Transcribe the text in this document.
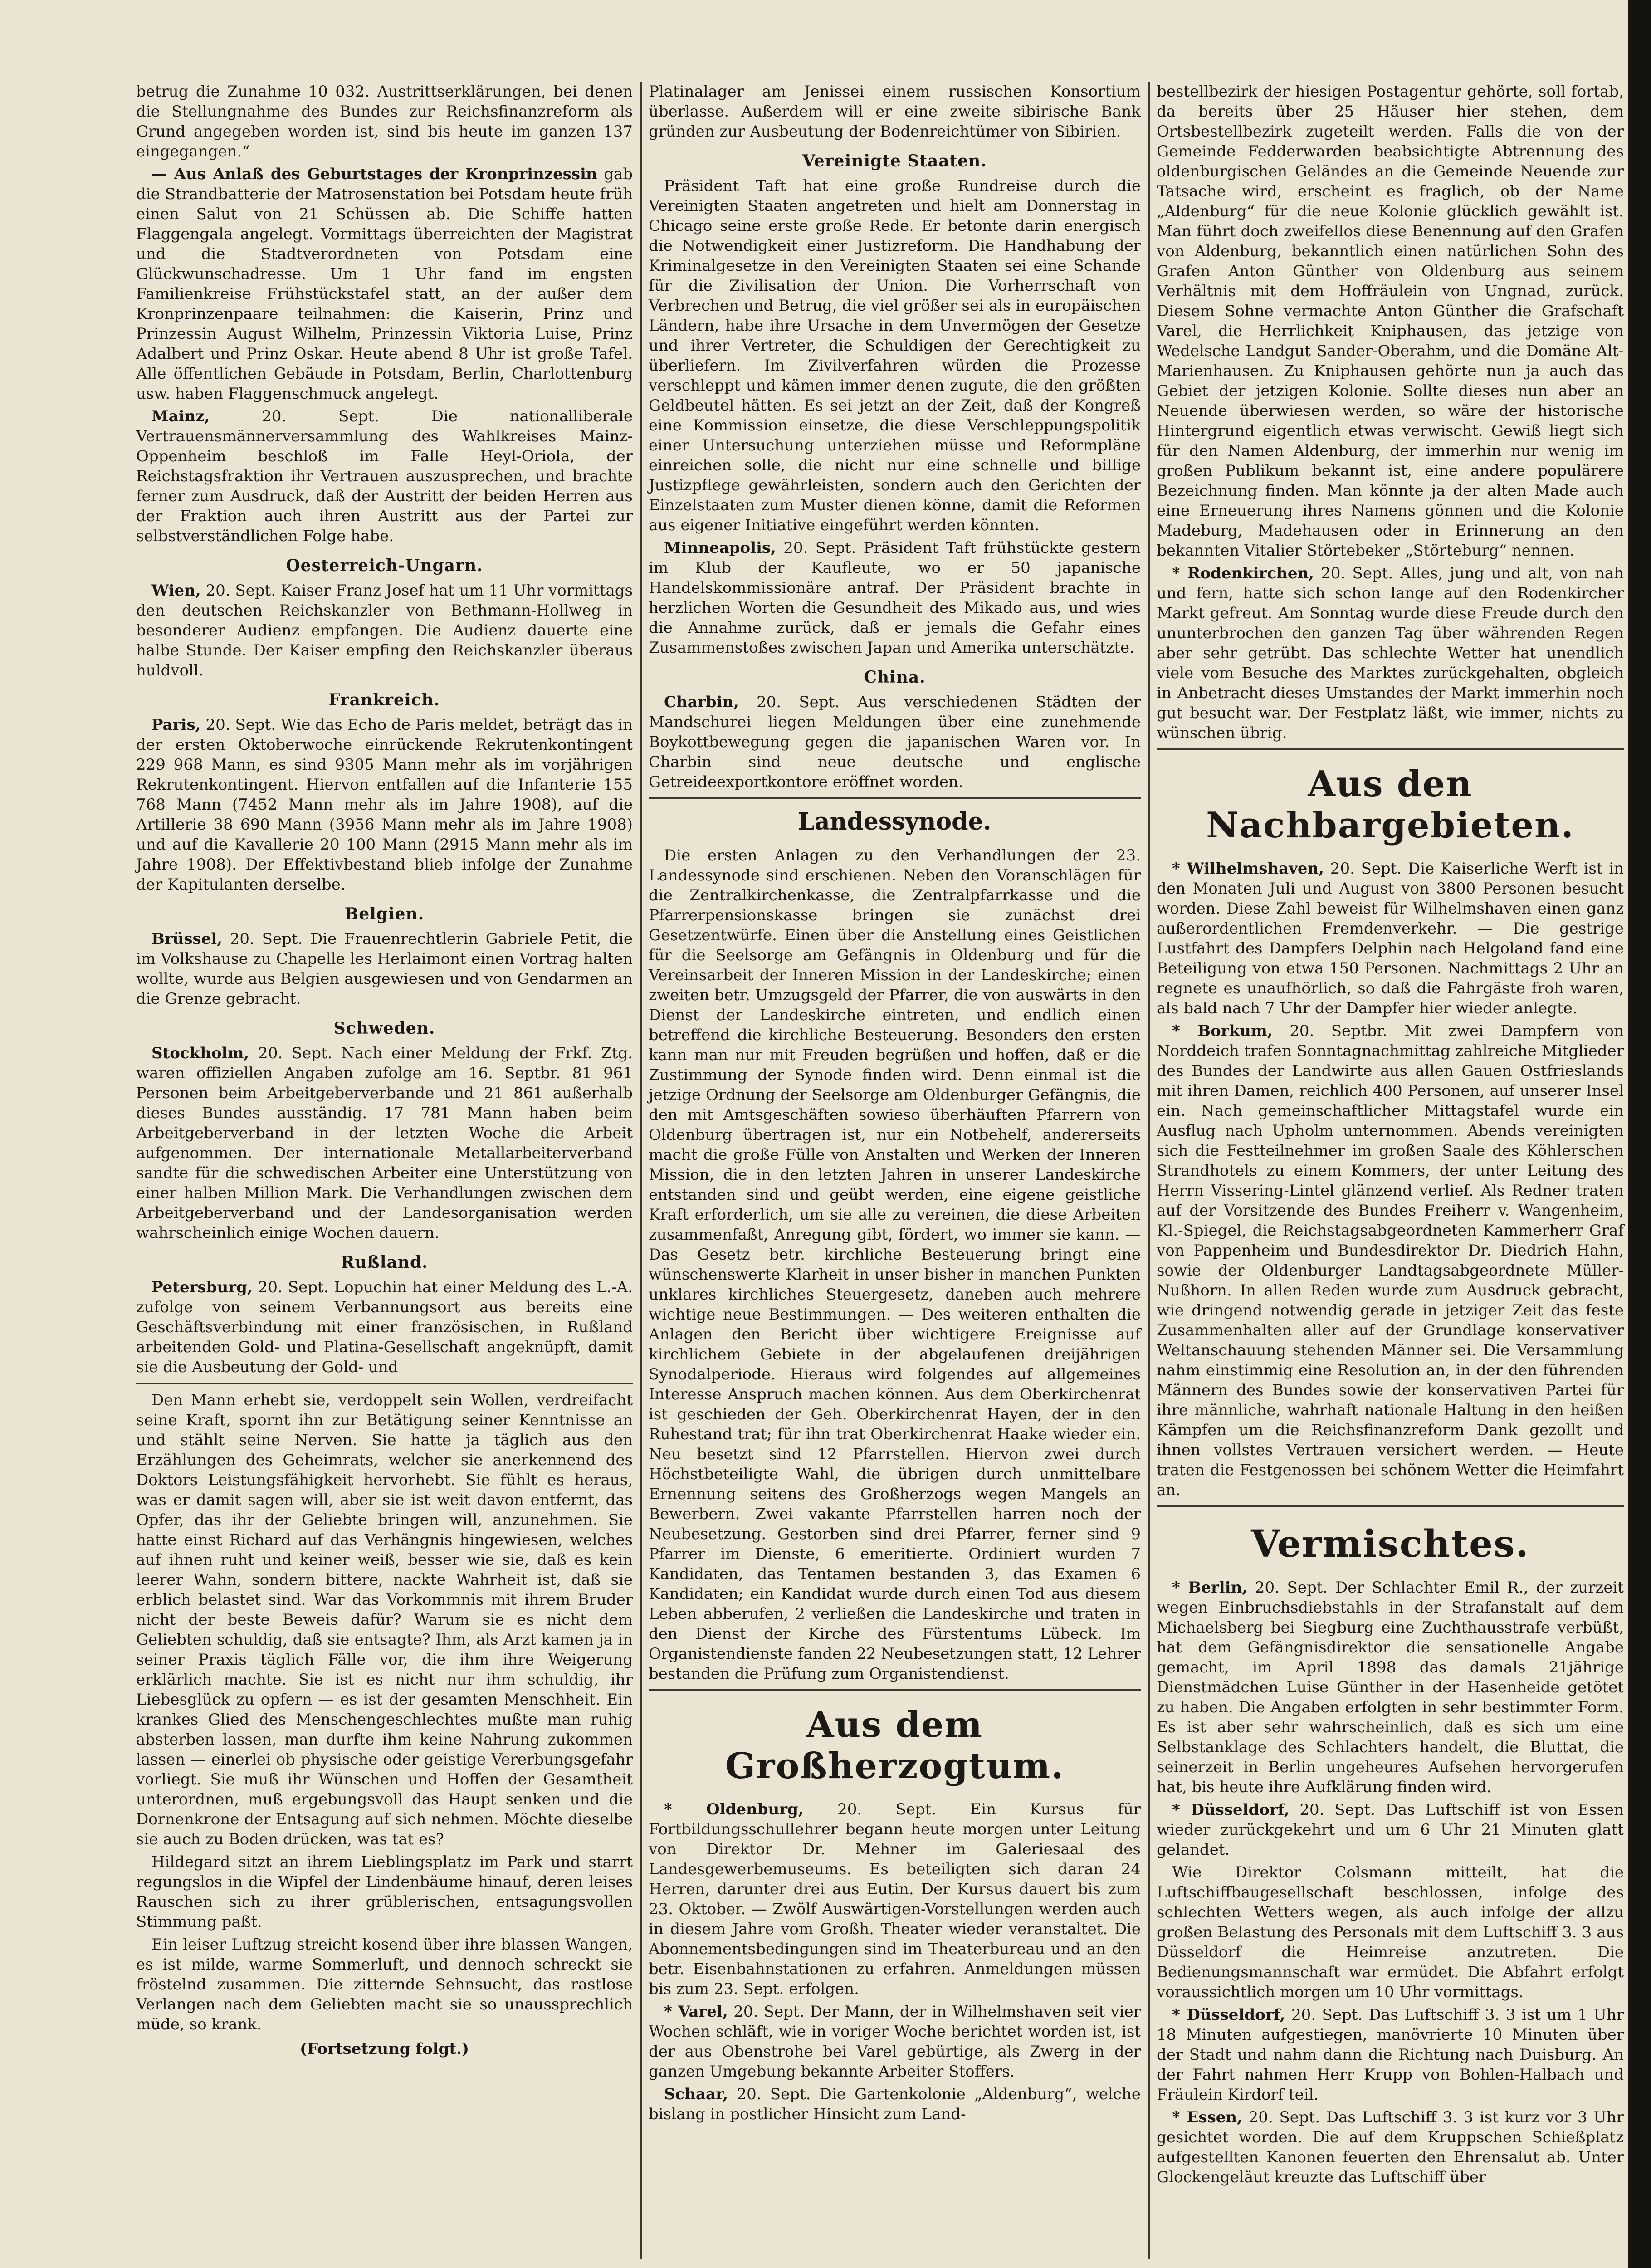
betrug die Zunahme 10 032. Austrittserklärungen, bei denen die Stellungnahme des Bundes zur Reichsfinanzreform als Grund angegeben worden ist, sind bis heute im ganzen 137 eingegangen.“

— Aus Anlaß des Geburtstages der Kronprinzessin gab die Strandbatterie der Matrosenstation bei Potsdam heute früh einen Salut von 21 Schüssen ab. Die Schiffe hatten Flaggengala angelegt. Vormittags überreichten der Magistrat und die Stadtverordneten von Potsdam eine Glückwunschadresse. Um 1 Uhr fand im engsten Familienkreise Frühstückstafel statt, an der außer dem Kronprinzenpaare teilnahmen: die Kaiserin, Prinz und Prinzessin August Wilhelm, Prinzessin Viktoria Luise, Prinz Adalbert und Prinz Oskar. Heute abend 8 Uhr ist große Tafel. Alle öffentlichen Gebäude in Potsdam, Berlin, Charlottenburg usw. haben Flaggenschmuck angelegt.

Mainz, 20. Sept. Die nationalliberale Vertrauensmännerversammlung des Wahlkreises Mainz-Oppenheim beschloß im Falle Heyl-Oriola, der Reichstagsfraktion ihr Vertrauen auszusprechen, und brachte ferner zum Ausdruck, daß der Austritt der beiden Herren aus der Fraktion auch ihren Austritt aus der Partei zur selbstverständlichen Folge habe.

Oesterreich-Ungarn.

Wien, 20. Sept. Kaiser Franz Josef hat um 11 Uhr vormittags den deutschen Reichskanzler von Bethmann-Hollweg in besonderer Audienz empfangen. Die Audienz dauerte eine halbe Stunde. Der Kaiser empfing den Reichskanzler überaus huldvoll.

Frankreich.

Paris, 20. Sept. Wie das Echo de Paris meldet, beträgt das in der ersten Oktoberwoche einrückende Rekrutenkontingent 229 968 Mann, es sind 9305 Mann mehr als im vorjährigen Rekrutenkontingent. Hiervon entfallen auf die Infanterie 155 768 Mann (7452 Mann mehr als im Jahre 1908), auf die Artillerie 38 690 Mann (3956 Mann mehr als im Jahre 1908) und auf die Kavallerie 20 100 Mann (2915 Mann mehr als im Jahre 1908). Der Effektivbestand blieb infolge der Zunahme der Kapitulanten derselbe.

Belgien.

Brüssel, 20. Sept. Die Frauenrechtlerin Gabriele Petit, die im Volkshause zu Chapelle les Herlaimont einen Vortrag halten wollte, wurde aus Belgien ausgewiesen und von Gendarmen an die Grenze gebracht.

Schweden.

Stockholm, 20. Sept. Nach einer Meldung der Frkf. Ztg. waren offiziellen Angaben zufolge am 16. Septbr. 81 961 Personen beim Arbeitgeberverbande und 21 861 außerhalb dieses Bundes ausständig. 17 781 Mann haben beim Arbeitgeberverband in der letzten Woche die Arbeit aufgenommen. Der internationale Metallarbeiterverband sandte für die schwedischen Arbeiter eine Unterstützung von einer halben Million Mark. Die Verhandlungen zwischen dem Arbeitgeberverband und der Landesorganisation werden wahrscheinlich einige Wochen dauern.

Rußland.

Petersburg, 20. Sept. Lopuchin hat einer Meldung des L.-A. zufolge von seinem Verbannungsort aus bereits eine Geschäftsverbindung mit einer französischen, in Rußland arbeitenden Gold- und Platina-Gesellschaft angeknüpft, damit sie die Ausbeutung der Gold- und

Den Mann erhebt sie, verdoppelt sein Wollen, verdreifacht seine Kraft, spornt ihn zur Betätigung seiner Kenntnisse an und stählt seine Nerven. Sie hatte ja täglich aus den Erzählungen des Geheimrats, welcher sie anerkennend des Doktors Leistungsfähigkeit hervorhebt. Sie fühlt es heraus, was er damit sagen will, aber sie ist weit davon entfernt, das Opfer, das ihr der Geliebte bringen will, anzunehmen. Sie hatte einst Richard auf das Verhängnis hingewiesen, welches auf ihnen ruht und keiner weiß, besser wie sie, daß es kein leerer Wahn, sondern bittere, nackte Wahrheit ist, daß sie erblich belastet sind. War das Vorkommnis mit ihrem Bruder nicht der beste Beweis dafür? Warum sie es nicht dem Geliebten schuldig, daß sie entsagte? Ihm, als Arzt kamen ja in seiner Praxis täglich Fälle vor, die ihm ihre Weigerung erklärlich machte. Sie ist es nicht nur ihm schuldig, ihr Liebesglück zu opfern — es ist der gesamten Menschheit. Ein krankes Glied des Menschengeschlechtes mußte man ruhig absterben lassen, man durfte ihm keine Nahrung zukommen lassen — einerlei ob physische oder geistige Vererbungsgefahr vorliegt. Sie muß ihr Wünschen und Hoffen der Gesamtheit unterordnen, muß ergebungsvoll das Haupt senken und die Dornenkrone der Entsagung auf sich nehmen. Möchte dieselbe sie auch zu Boden drücken, was tat es?

Hildegard sitzt an ihrem Lieblingsplatz im Park und starrt regungslos in die Wipfel der Lindenbäume hinauf, deren leises Rauschen sich zu ihrer grüblerischen, entsagungsvollen Stimmung paßt.

Ein leiser Luftzug streicht kosend über ihre blassen Wangen, es ist milde, warme Sommerluft, und dennoch schreckt sie fröstelnd zusammen. Die zitternde Sehnsucht, das rastlose Verlangen nach dem Geliebten macht sie so unaussprechlich müde, so krank.

(Fortsetzung folgt.)

Platinalager am Jenissei einem russischen Konsortium überlasse. Außerdem will er eine zweite sibirische Bank gründen zur Ausbeutung der Bodenreichtümer von Sibirien.

Vereinigte Staaten.

Präsident Taft hat eine große Rundreise durch die Vereinigten Staaten angetreten und hielt am Donnerstag in Chicago seine erste große Rede. Er betonte darin energisch die Notwendigkeit einer Justizreform. Die Handhabung der Kriminalgesetze in den Vereinigten Staaten sei eine Schande für die Zivilisation der Union. Die Vorherrschaft von Verbrechen und Betrug, die viel größer sei als in europäischen Ländern, habe ihre Ursache in dem Unvermögen der Gesetze und ihrer Vertreter, die Schuldigen der Gerechtigkeit zu überliefern. Im Zivilverfahren würden die Prozesse verschleppt und kämen immer denen zugute, die den größten Geldbeutel hätten. Es sei jetzt an der Zeit, daß der Kongreß eine Kommission einsetze, die diese Verschleppungspolitik einer Untersuchung unterziehen müsse und Reformpläne einreichen solle, die nicht nur eine schnelle und billige Justizpflege gewährleisten, sondern auch den Gerichten der Einzelstaaten zum Muster dienen könne, damit die Reformen aus eigener Initiative eingeführt werden könnten.

Minneapolis, 20. Sept. Präsident Taft frühstückte gestern im Klub der Kaufleute, wo er 50 japanische Handelskommissionäre antraf. Der Präsident brachte in herzlichen Worten die Gesundheit des Mikado aus, und wies die Annahme zurück, daß er jemals die Gefahr eines Zusammenstoßes zwischen Japan und Amerika unterschätzte.

China.

Charbin, 20. Sept. Aus verschiedenen Städten der Mandschurei liegen Meldungen über eine zunehmende Boykottbewegung gegen die japanischen Waren vor. In Charbin sind neue deutsche und englische Getreideexportkontore eröffnet worden.

Landessynode.

Die ersten Anlagen zu den Verhandlungen der 23. Landessynode sind erschienen. Neben den Voranschlägen für die Zentralkirchenkasse, die Zentralpfarrkasse und die Pfarrerpensionskasse bringen sie zunächst drei Gesetzentwürfe. Einen über die Anstellung eines Geistlichen für die Seelsorge am Gefängnis in Oldenburg und für die Vereinsarbeit der Inneren Mission in der Landeskirche; einen zweiten betr. Umzugsgeld der Pfarrer, die von auswärts in den Dienst der Landeskirche eintreten, und endlich einen betreffend die kirchliche Besteuerung. Besonders den ersten kann man nur mit Freuden begrüßen und hoffen, daß er die Zustimmung der Synode finden wird. Denn einmal ist die jetzige Ordnung der Seelsorge am Oldenburger Gefängnis, die den mit Amtsgeschäften sowieso überhäuften Pfarrern von Oldenburg übertragen ist, nur ein Notbehelf, andererseits macht die große Fülle von Anstalten und Werken der Inneren Mission, die in den letzten Jahren in unserer Landeskirche entstanden sind und geübt werden, eine eigene geistliche Kraft erforderlich, um sie alle zu vereinen, die diese Arbeiten zusammenfaßt, Anregung gibt, fördert, wo immer sie kann. — Das Gesetz betr. kirchliche Besteuerung bringt eine wünschenswerte Klarheit in unser bisher in manchen Punkten unklares kirchliches Steuergesetz, daneben auch mehrere wichtige neue Bestimmungen. — Des weiteren enthalten die Anlagen den Bericht über wichtigere Ereignisse auf kirchlichem Gebiete in der abgelaufenen dreijährigen Synodalperiode. Hieraus wird folgendes auf allgemeines Interesse Anspruch machen können. Aus dem Oberkirchenrat ist geschieden der Geh. Oberkirchenrat Hayen, der in den Ruhestand trat; für ihn trat Oberkirchenrat Haake wieder ein. Neu besetzt sind 12 Pfarrstellen. Hiervon zwei durch Höchstbeteiligte Wahl, die übrigen durch unmittelbare Ernennung seitens des Großherzogs wegen Mangels an Bewerbern. Zwei vakante Pfarrstellen harren noch der Neubesetzung. Gestorben sind drei Pfarrer, ferner sind 9 Pfarrer im Dienste, 6 emeritierte. Ordiniert wurden 7 Kandidaten, das Tentamen bestanden 3, das Examen 6 Kandidaten; ein Kandidat wurde durch einen Tod aus diesem Leben abberufen, 2 verließen die Landeskirche und traten in den Dienst der Kirche des Fürstentums Lübeck. Im Organistendienste fanden 22 Neubesetzungen statt, 12 Lehrer bestanden die Prüfung zum Organistendienst.

Aus dem Großherzogtum.

* Oldenburg, 20. Sept. Ein Kursus für Fortbildungsschullehrer begann heute morgen unter Leitung von Direktor Dr. Mehner im Galeriesaal des Landesgewerbemuseums. Es beteiligten sich daran 24 Herren, darunter drei aus Eutin. Der Kursus dauert bis zum 23. Oktober. — Zwölf Auswärtigen-Vorstellungen werden auch in diesem Jahre vom Großh. Theater wieder veranstaltet. Die Abonnementsbedingungen sind im Theaterbureau und an den betr. Eisenbahnstationen zu erfahren. Anmeldungen müssen bis zum 23. Sept. erfolgen.

* Varel, 20. Sept. Der Mann, der in Wilhelmshaven seit vier Wochen schläft, wie in voriger Woche berichtet worden ist, ist der aus Obenstrohe bei Varel gebürtige, als Zwerg in der ganzen Umgebung bekannte Arbeiter Stoffers.

Schaar, 20. Sept. Die Gartenkolonie „Aldenburg“, welche bislang in postlicher Hinsicht zum Land-

bestellbezirk der hiesigen Postagentur gehörte, soll fortab, da bereits über 25 Häuser hier stehen, dem Ortsbestellbezirk zugeteilt werden. Falls die von der Gemeinde Fedderwarden beabsichtigte Abtrennung des oldenburgischen Geländes an die Gemeinde Neuende zur Tatsache wird, erscheint es fraglich, ob der Name „Aldenburg“ für die neue Kolonie glücklich gewählt ist. Man führt doch zweifellos diese Benennung auf den Grafen von Aldenburg, bekanntlich einen natürlichen Sohn des Grafen Anton Günther von Oldenburg aus seinem Verhältnis mit dem Hoffräulein von Ungnad, zurück. Diesem Sohne vermachte Anton Günther die Grafschaft Varel, die Herrlichkeit Kniphausen, das jetzige von Wedelsche Landgut Sander-Oberahm, und die Domäne Alt-Marienhausen. Zu Kniphausen gehörte nun ja auch das Gebiet der jetzigen Kolonie. Sollte dieses nun aber an Neuende überwiesen werden, so wäre der historische Hintergrund eigentlich etwas verwischt. Gewiß liegt sich für den Namen Aldenburg, der immerhin nur wenig im großen Publikum bekannt ist, eine andere populärere Bezeichnung finden. Man könnte ja der alten Made auch eine Erneuerung ihres Namens gönnen und die Kolonie Madeburg, Madehausen oder in Erinnerung an den bekannten Vitalier Störtebeker „Störteburg“ nennen.

* Rodenkirchen, 20. Sept. Alles, jung und alt, von nah und fern, hatte sich schon lange auf den Rodenkircher Markt gefreut. Am Sonntag wurde diese Freude durch den ununterbrochen den ganzen Tag über währenden Regen aber sehr getrübt. Das schlechte Wetter hat unendlich viele vom Besuche des Marktes zurückgehalten, obgleich in Anbetracht dieses Umstandes der Markt immerhin noch gut besucht war. Der Festplatz läßt, wie immer, nichts zu wünschen übrig.

Aus den Nachbargebieten.

* Wilhelmshaven, 20. Sept. Die Kaiserliche Werft ist in den Monaten Juli und August von 3800 Personen besucht worden. Diese Zahl beweist für Wilhelmshaven einen ganz außerordentlichen Fremdenverkehr. — Die gestrige Lustfahrt des Dampfers Delphin nach Helgoland fand eine Beteiligung von etwa 150 Personen. Nachmittags 2 Uhr an regnete es unaufhörlich, so daß die Fahrgäste froh waren, als bald nach 7 Uhr der Dampfer hier wieder anlegte.

* Borkum, 20. Septbr. Mit zwei Dampfern von Norddeich trafen Sonntagnachmittag zahlreiche Mitglieder des Bundes der Landwirte aus allen Gauen Ostfrieslands mit ihren Damen, reichlich 400 Personen, auf unserer Insel ein. Nach gemeinschaftlicher Mittagstafel wurde ein Ausflug nach Upholm unternommen. Abends vereinigten sich die Festteilnehmer im großen Saale des Köhlerschen Strandhotels zu einem Kommers, der unter Leitung des Herrn Vissering-Lintel glänzend verlief. Als Redner traten auf der Vorsitzende des Bundes Freiherr v. Wangenheim, Kl.-Spiegel, die Reichstagsabgeordneten Kammerherr Graf von Pappenheim und Bundesdirektor Dr. Diedrich Hahn, sowie der Oldenburger Landtagsabgeordnete Müller-Nußhorn. In allen Reden wurde zum Ausdruck gebracht, wie dringend notwendig gerade in jetziger Zeit das feste Zusammenhalten aller auf der Grundlage konservativer Weltanschauung stehenden Männer sei. Die Versammlung nahm einstimmig eine Resolution an, in der den führenden Männern des Bundes sowie der konservativen Partei für ihre männliche, wahrhaft nationale Haltung in den heißen Kämpfen um die Reichsfinanzreform Dank gezollt und ihnen vollstes Vertrauen versichert werden. — Heute traten die Festgenossen bei schönem Wetter die Heimfahrt an.

Vermischtes.

* Berlin, 20. Sept. Der Schlachter Emil R., der zurzeit wegen Einbruchsdiebstahls in der Strafanstalt auf dem Michaelsberg bei Siegburg eine Zuchthausstrafe verbüßt, hat dem Gefängnisdirektor die sensationelle Angabe gemacht, im April 1898 das damals 21jährige Dienstmädchen Luise Günther in der Hasenheide getötet zu haben. Die Angaben erfolgten in sehr bestimmter Form. Es ist aber sehr wahrscheinlich, daß es sich um eine Selbstanklage des Schlachters handelt, die Bluttat, die seinerzeit in Berlin ungeheures Aufsehen hervorgerufen hat, bis heute ihre Aufklärung finden wird.

* Düsseldorf, 20. Sept. Das Luftschiff ist von Essen wieder zurückgekehrt und um 6 Uhr 21 Minuten glatt gelandet.

Wie Direktor Colsmann mitteilt, hat die Luftschiffbaugesellschaft beschlossen, infolge des schlechten Wetters wegen, als auch infolge der allzu großen Belastung des Personals mit dem Luftschiff 3. 3 aus Düsseldorf die Heimreise anzutreten. Die Bedienungsmannschaft war ermüdet. Die Abfahrt erfolgt voraussichtlich morgen um 10 Uhr vormittags.

* Düsseldorf, 20. Sept. Das Luftschiff 3. 3 ist um 1 Uhr 18 Minuten aufgestiegen, manövrierte 10 Minuten über der Stadt und nahm dann die Richtung nach Duisburg. An der Fahrt nahmen Herr Krupp von Bohlen-Halbach und Fräulein Kirdorf teil.

* Essen, 20. Sept. Das Luftschiff 3. 3 ist kurz vor 3 Uhr gesichtet worden. Die auf dem Kruppschen Schießplatz aufgestellten Kanonen feuerten den Ehrensalut ab. Unter Glockengeläut kreuzte das Luftschiff über
